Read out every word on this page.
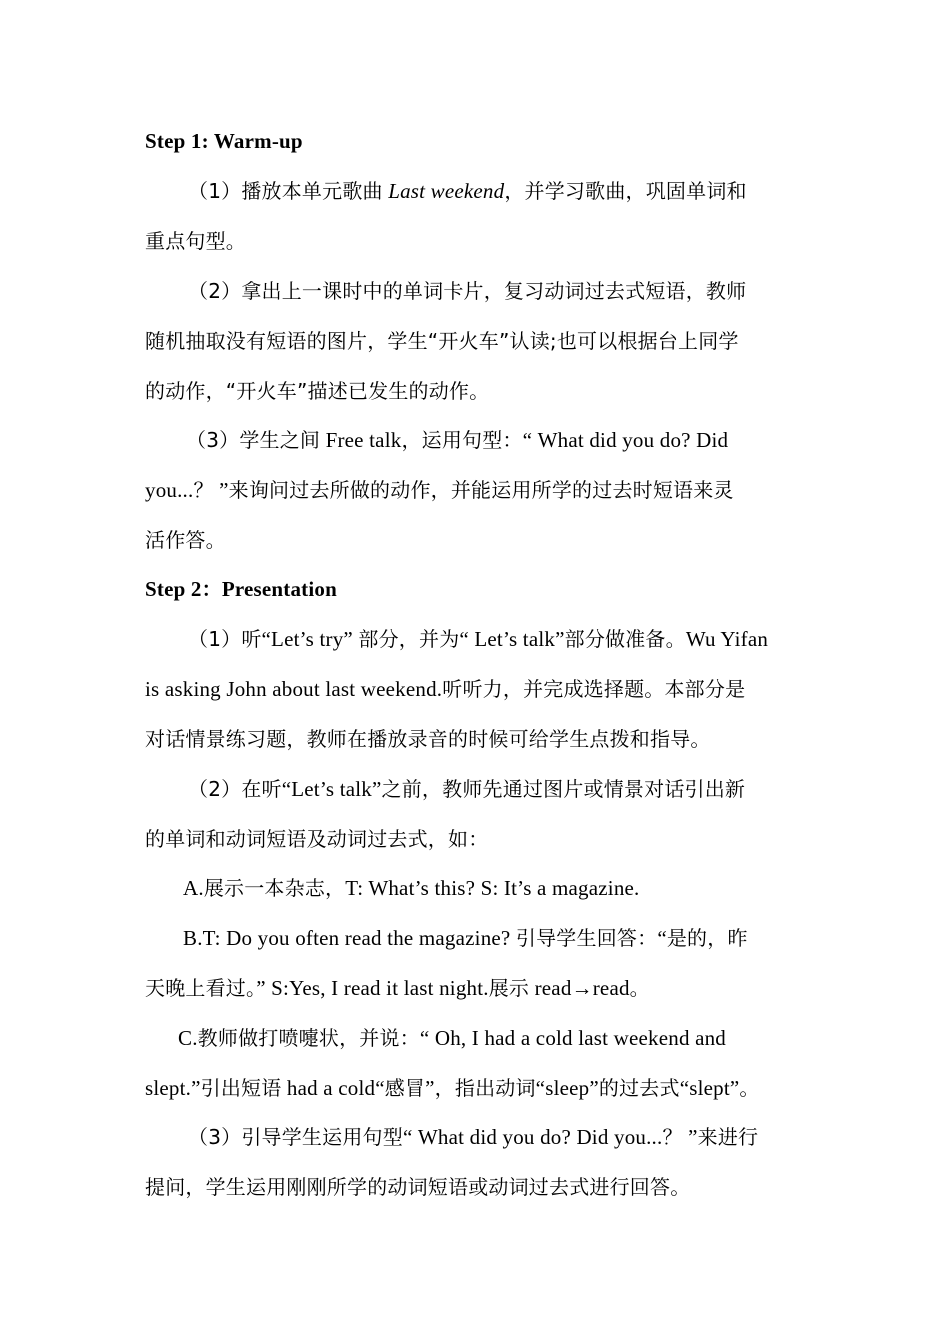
Step 1: Warm-up
（1）播放本单元歌曲 Last weekend，并学习歌曲，巩固单词和
重点句型。
（2）拿出上一课时中的单词卡片，复习动词过去式短语，教师
随机抽取没有短语的图片，学生“开火车”认读;也可以根据台上同学
的动作，“开火车”描述已发生的动作。
（3）学生之间 Free talk，运用句型：“ What did you do? Did
you...？ ”来询问过去所做的动作，并能运用所学的过去时短语来灵
活作答。
Step 2：Presentation
（1）听“Let’s try” 部分，并为“ Let’s talk”部分做准备。Wu Yifan
is asking John about last weekend.听听力，并完成选择题。本部分是
对话情景练习题，教师在播放录音的时候可给学生点拨和指导。
（2）在听“Let’s talk”之前，教师先通过图片或情景对话引出新
的单词和动词短语及动词过去式，如：
A.展示一本杂志，T: What’s this? S: It’s a magazine.
B.T: Do you often read the magazine? 引导学生回答：“是的，昨
天晚上看过。” S:Yes, I read it last night.展示 read→read。
C.教师做打喷嚏状，并说：“ Oh, I had a cold last weekend and
slept.”引出短语 had a cold“感冒”，指出动词“sleep”的过去式“slept”。
（3）引导学生运用句型“ What did you do? Did you...？ ”来进行
提问，学生运用刚刚所学的动词短语或动词过去式进行回答。
